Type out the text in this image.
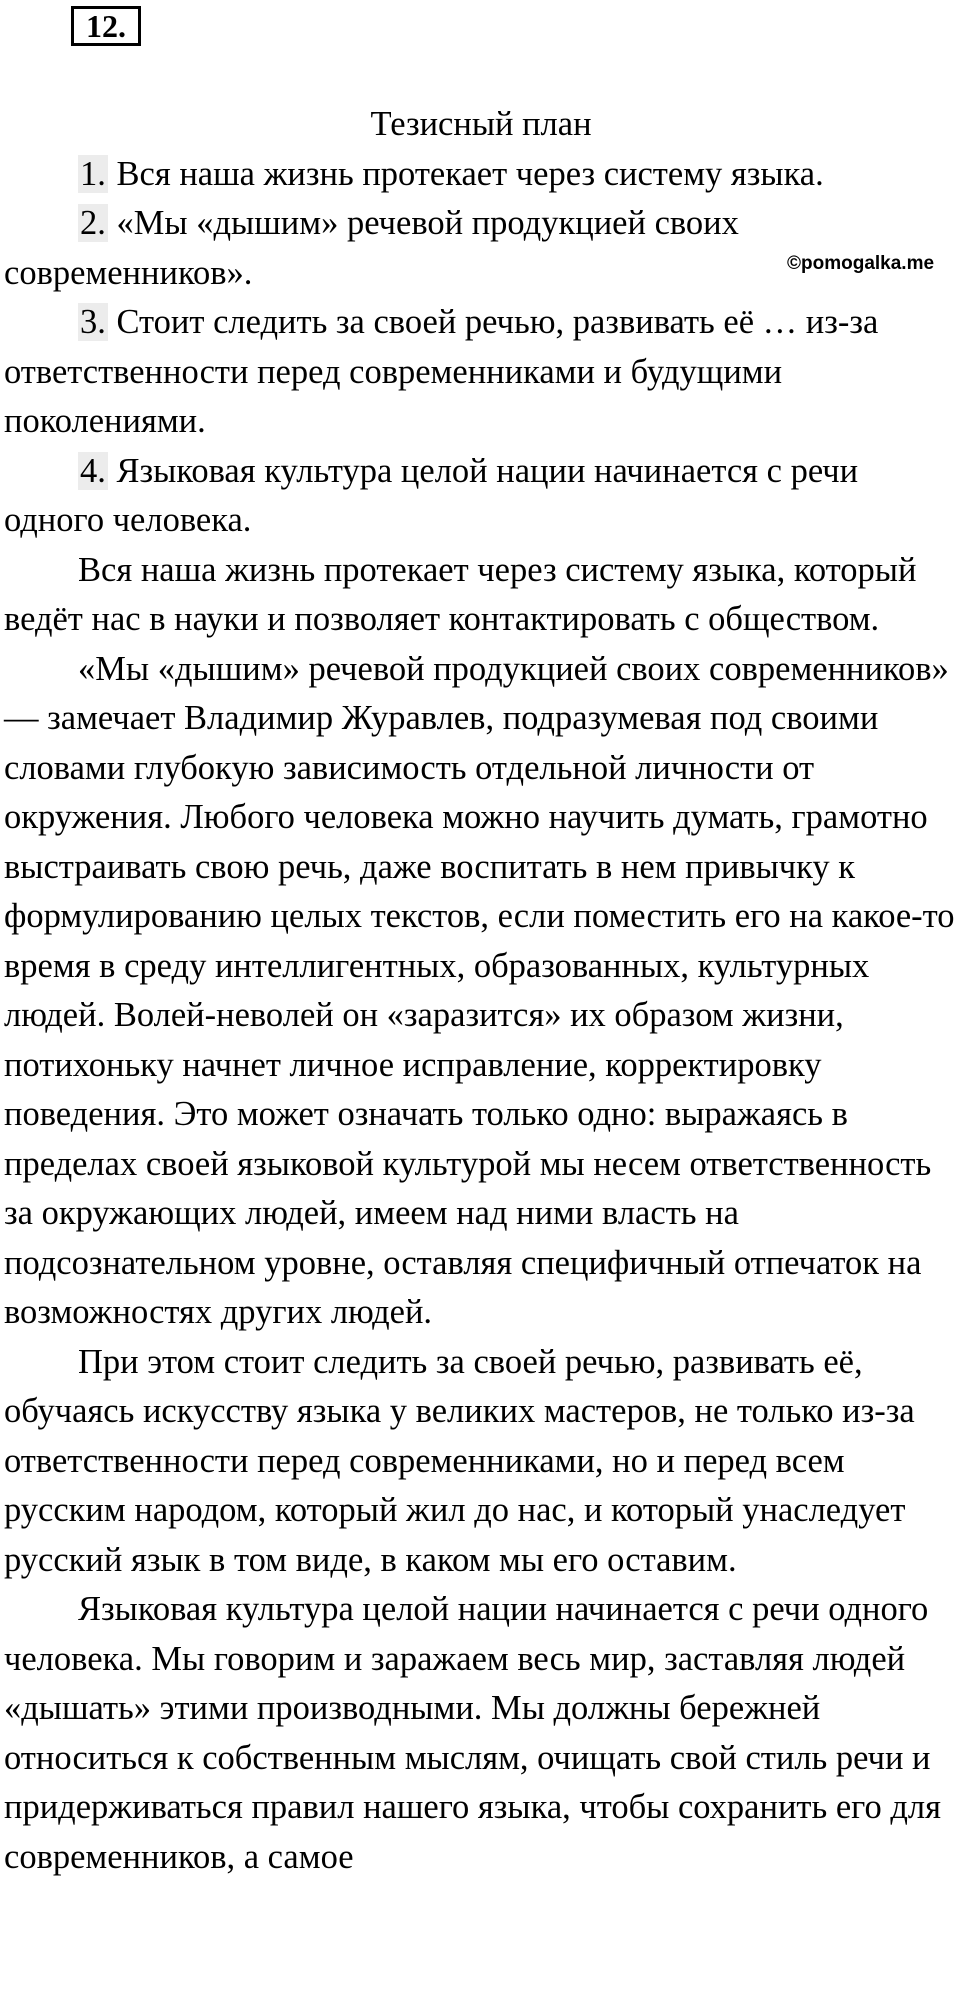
12.
©pomogalka.me

Тезисный план

1. Вся наша жизнь протекает через систему языка.

2. «Мы «дышим» речевой продукцией своих современников».

3. Стоит следить за своей речью, развивать её … из-за ответственности перед современниками и будущими поколениями.

4. Языковая культура целой нации начинается с речи одного человека.

Вся наша жизнь протекает через систему языка, который ведёт нас в науки и позволяет контактировать с обществом.

«Мы «дышим» речевой продукцией своих современников» — замечает Владимир Журавлев, подразумевая под своими словами глубокую зависимость отдельной личности от окружения. Любого человека можно научить думать, грамотно выстраивать свою речь, даже воспитать в нем привычку к формулированию целых текстов, если поместить его на какое-то время в среду интеллигентных, образованных, культурных людей. Волей-неволей он «заразится» их образом жизни, потихоньку начнет личное исправление, корректировку поведения. Это может означать только одно: выражаясь в пределах своей языковой культурой мы несем ответственность за окружающих людей, имеем над ними власть на подсознательном уровне, оставляя специфичный отпечаток на возможностях других людей.

При этом стоит следить за своей речью, развивать её, обучаясь искусству языка у великих мастеров, не только из-за ответственности перед современниками, но и перед всем русским народом, который жил до нас, и который унаследует русский язык в том виде, в каком мы его оставим.

Языковая культура целой нации начинается с речи одного человека. Мы говорим и заражаем весь мир, заставляя людей «дышать» этими производными. Мы должны бережней относиться к собственным мыслям, очищать свой стиль речи и придерживаться правил нашего языка, чтобы сохранить его для современников, а самое
